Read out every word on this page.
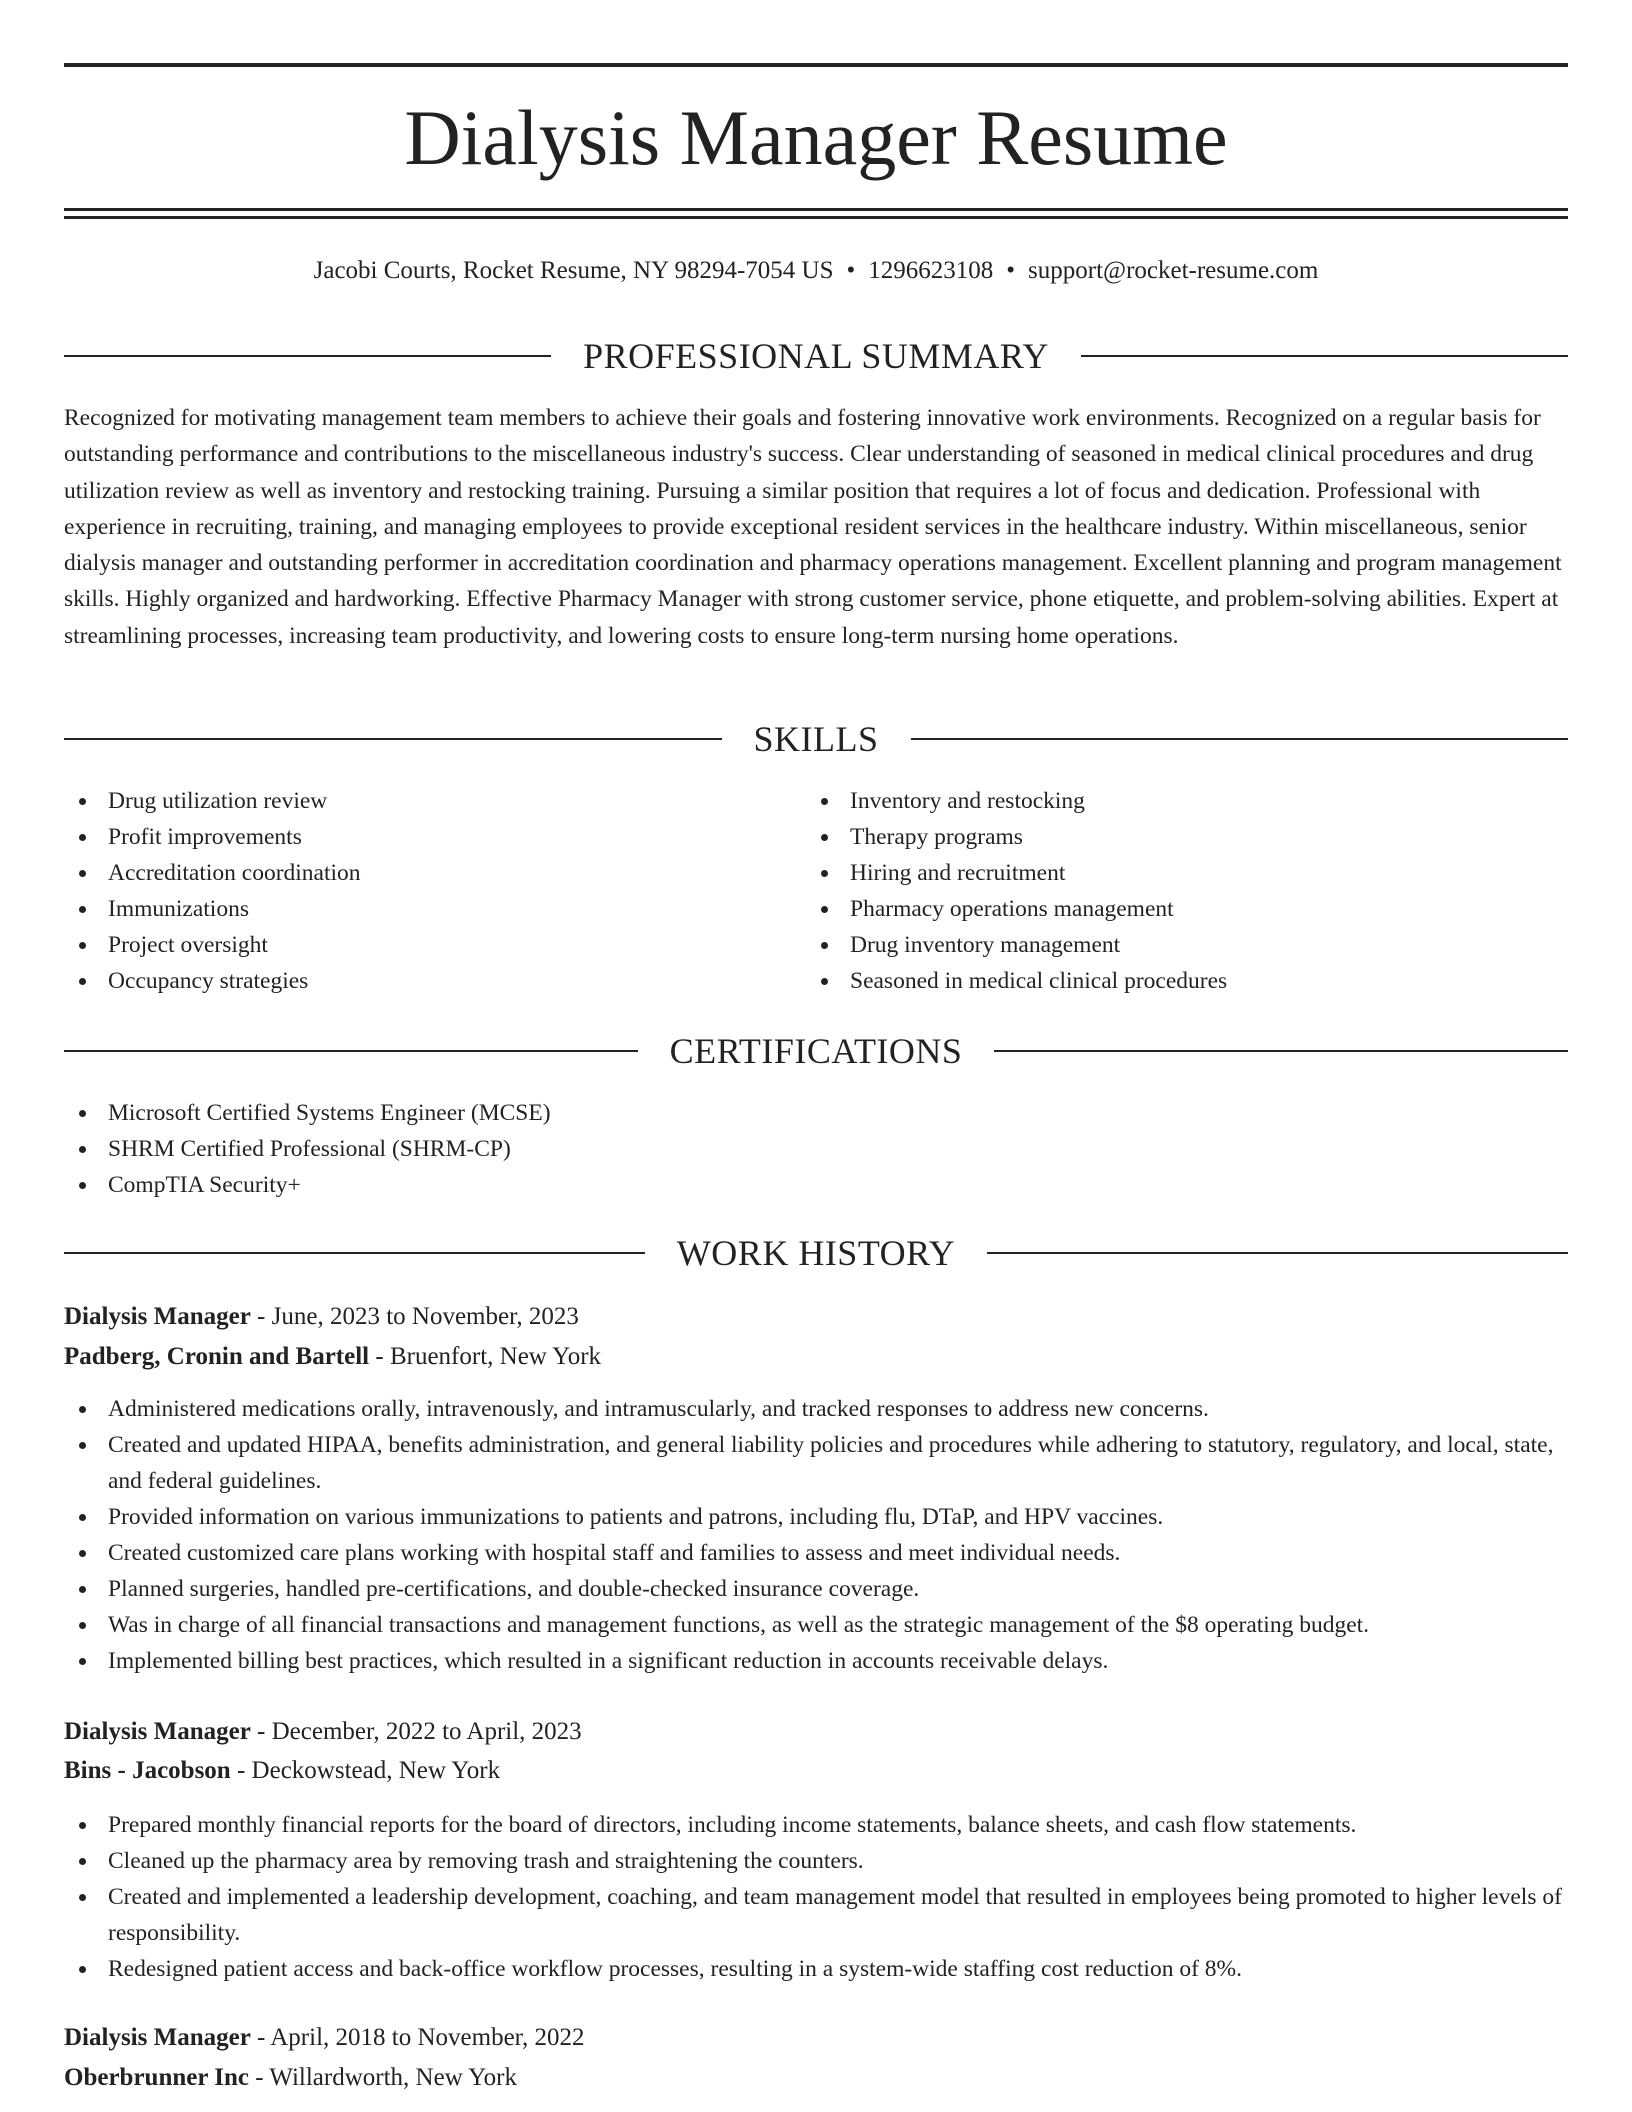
Dialysis Manager Resume
Jacobi Courts, Rocket Resume, NY 98294-7054 US • 1296623108 • support@rocket-resume.com
PROFESSIONAL SUMMARY

Recognized for motivating management team members to achieve their goals and fostering innovative work environments. Recognized on a regular basis for outstanding performance and contributions to the miscellaneous industry's success. Clear understanding of seasoned in medical clinical procedures and drug utilization review as well as inventory and restocking training. Pursuing a similar position that requires a lot of focus and dedication. Professional with experience in recruiting, training, and managing employees to provide exceptional resident services in the healthcare industry. Within miscellaneous, senior dialysis manager and outstanding performer in accreditation coordination and pharmacy operations management. Excellent planning and program management skills. Highly organized and hardworking. Effective Pharmacy Manager with strong customer service, phone etiquette, and problem-solving abilities. Expert at streamlining processes, increasing team productivity, and lowering costs to ensure long-term nursing home operations.

SKILLS
Drug utilization review
Profit improvements
Accreditation coordination
Immunizations
Project oversight
Occupancy strategies
Inventory and restocking
Therapy programs
Hiring and recruitment
Pharmacy operations management
Drug inventory management
Seasoned in medical clinical procedures
CERTIFICATIONS
Microsoft Certified Systems Engineer (MCSE)
SHRM Certified Professional (SHRM-CP)
CompTIA Security+
WORK HISTORY
Dialysis Manager - June, 2023 to November, 2023
Padberg, Cronin and Bartell - Bruenfort, New York
Administered medications orally, intravenously, and intramuscularly, and tracked responses to address new concerns.
Created and updated HIPAA, benefits administration, and general liability policies and procedures while adhering to statutory, regulatory, and local, state, and federal guidelines.
Provided information on various immunizations to patients and patrons, including flu, DTaP, and HPV vaccines.
Created customized care plans working with hospital staff and families to assess and meet individual needs.
Planned surgeries, handled pre-certifications, and double-checked insurance coverage.
Was in charge of all financial transactions and management functions, as well as the strategic management of the $8 operating budget.
Implemented billing best practices, which resulted in a significant reduction in accounts receivable delays.
Dialysis Manager - December, 2022 to April, 2023
Bins - Jacobson - Deckowstead, New York
Prepared monthly financial reports for the board of directors, including income statements, balance sheets, and cash flow statements.
Cleaned up the pharmacy area by removing trash and straightening the counters.
Created and implemented a leadership development, coaching, and team management model that resulted in employees being promoted to higher levels of responsibility.
Redesigned patient access and back-office workflow processes, resulting in a system-wide staffing cost reduction of 8%.
Dialysis Manager - April, 2018 to November, 2022
Oberbrunner Inc - Willardworth, New York
